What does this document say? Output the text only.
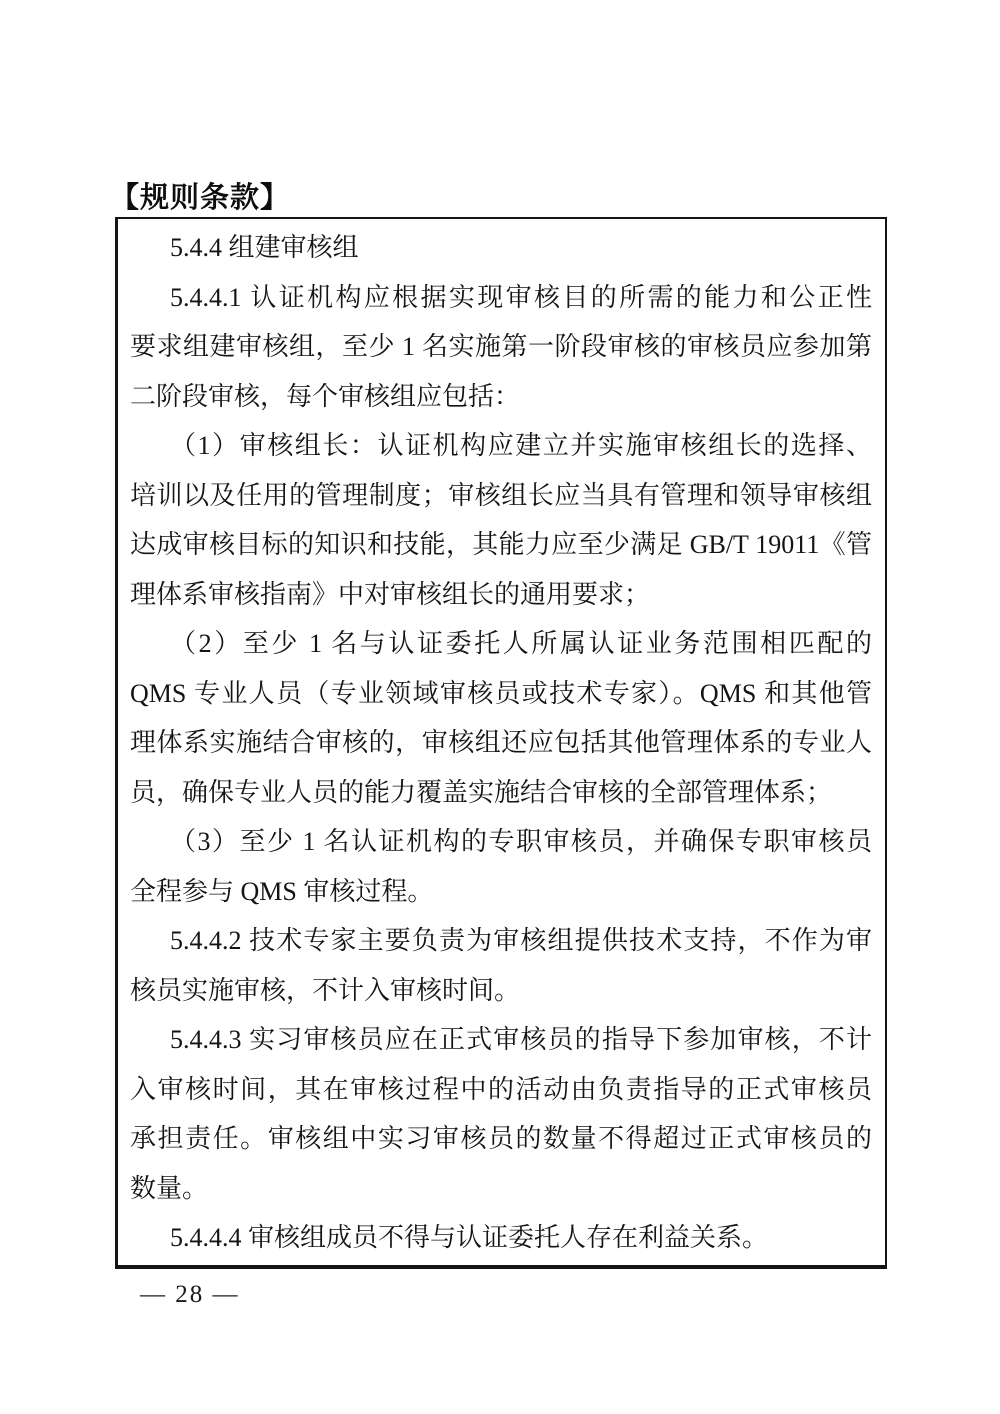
【规则条款】
5.4.4 组建审核组
5.4.4.1 认证机构应根据实现审核目的所需的能力和公正性
要求组建审核组，至少 1 名实施第一阶段审核的审核员应参加第
二阶段审核，每个审核组应包括：
（1）审核组长：认证机构应建立并实施审核组长的选择、
培训以及任用的管理制度；审核组长应当具有管理和领导审核组
达成审核目标的知识和技能，其能力应至少满足 GB/T 19011《管
理体系审核指南》中对审核组长的通用要求；
（2）至少 1 名与认证委托人所属认证业务范围相匹配的
QMS 专业人员（专业领域审核员或技术专家）。QMS 和其他管
理体系实施结合审核的，审核组还应包括其他管理体系的专业人
员，确保专业人员的能力覆盖实施结合审核的全部管理体系；
（3）至少 1 名认证机构的专职审核员，并确保专职审核员
全程参与 QMS 审核过程。
5.4.4.2 技术专家主要负责为审核组提供技术支持，不作为审
核员实施审核，不计入审核时间。
5.4.4.3 实习审核员应在正式审核员的指导下参加审核，不计
入审核时间，其在审核过程中的活动由负责指导的正式审核员
承担责任。审核组中实习审核员的数量不得超过正式审核员的
数量。
5.4.4.4 审核组成员不得与认证委托人存在利益关系。
— 28 —
